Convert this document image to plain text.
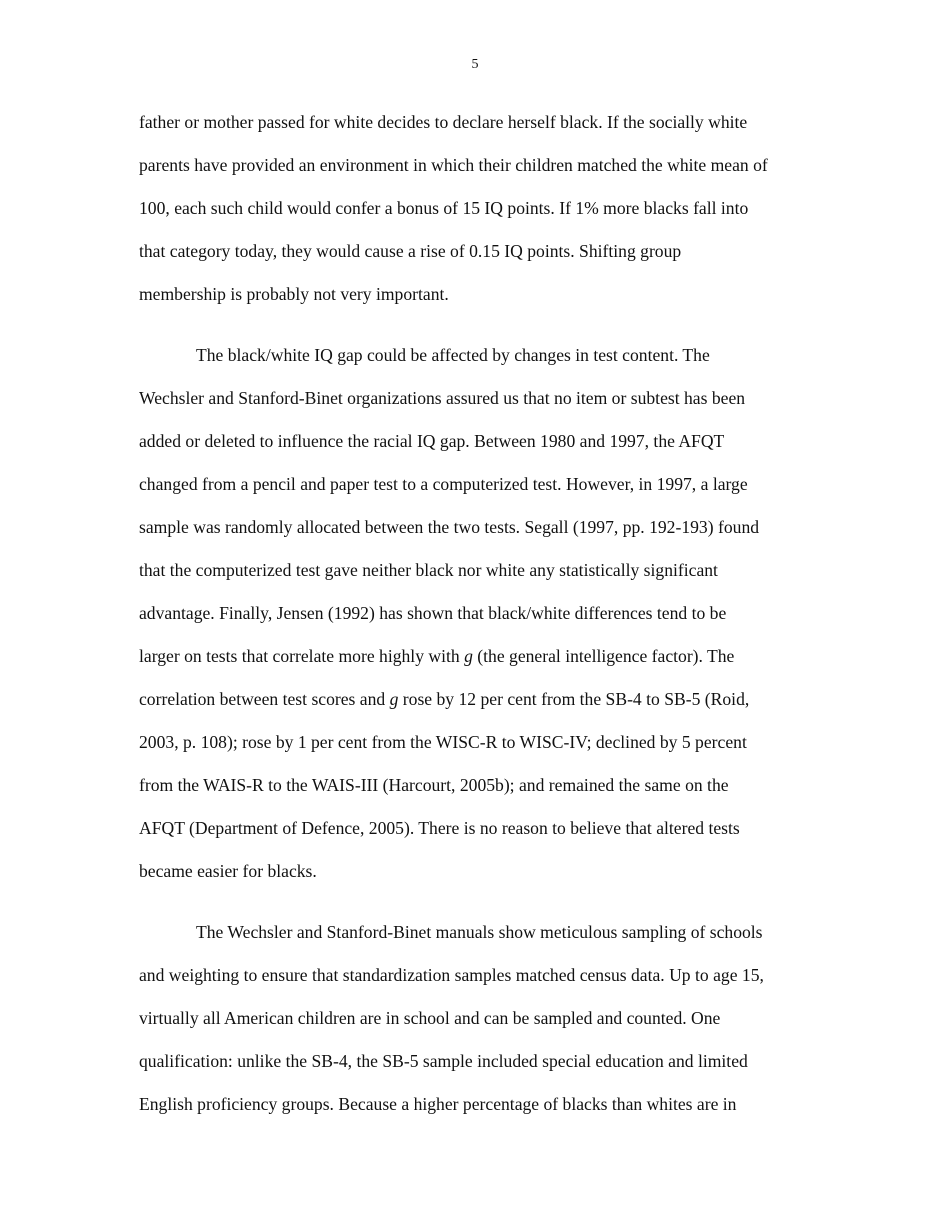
5

father or mother passed for white decides to declare herself black. If the socially white
parents have provided an environment in which their children matched the white mean of
100, each such child would confer a bonus of 15 IQ points. If 1% more blacks fall into
that category today, they would cause a rise of 0.15 IQ points. Shifting group
membership is probably not very important.

The black/white IQ gap could be affected by changes in test content. The
Wechsler and Stanford-Binet organizations assured us that no item or subtest has been
added or deleted to influence the racial IQ gap. Between 1980 and 1997, the AFQT
changed from a pencil and paper test to a computerized test. However, in 1997, a large
sample was randomly allocated between the two tests. Segall (1997, pp. 192-193) found
that the computerized test gave neither black nor white any statistically significant
advantage. Finally, Jensen (1992) has shown that black/white differences tend to be
larger on tests that correlate more highly with g (the general intelligence factor). The
correlation between test scores and g rose by 12 per cent from the SB-4 to SB-5 (Roid,
2003, p. 108); rose by 1 per cent from the WISC-R to WISC-IV; declined by 5 percent
from the WAIS-R to the WAIS-III (Harcourt, 2005b); and remained the same on the
AFQT (Department of Defence, 2005). There is no reason to believe that altered tests
became easier for blacks.

The Wechsler and Stanford-Binet manuals show meticulous sampling of schools
and weighting to ensure that standardization samples matched census data. Up to age 15,
virtually all American children are in school and can be sampled and counted. One
qualification: unlike the SB-4, the SB-5 sample included special education and limited
English proficiency groups. Because a higher percentage of blacks than whites are in
